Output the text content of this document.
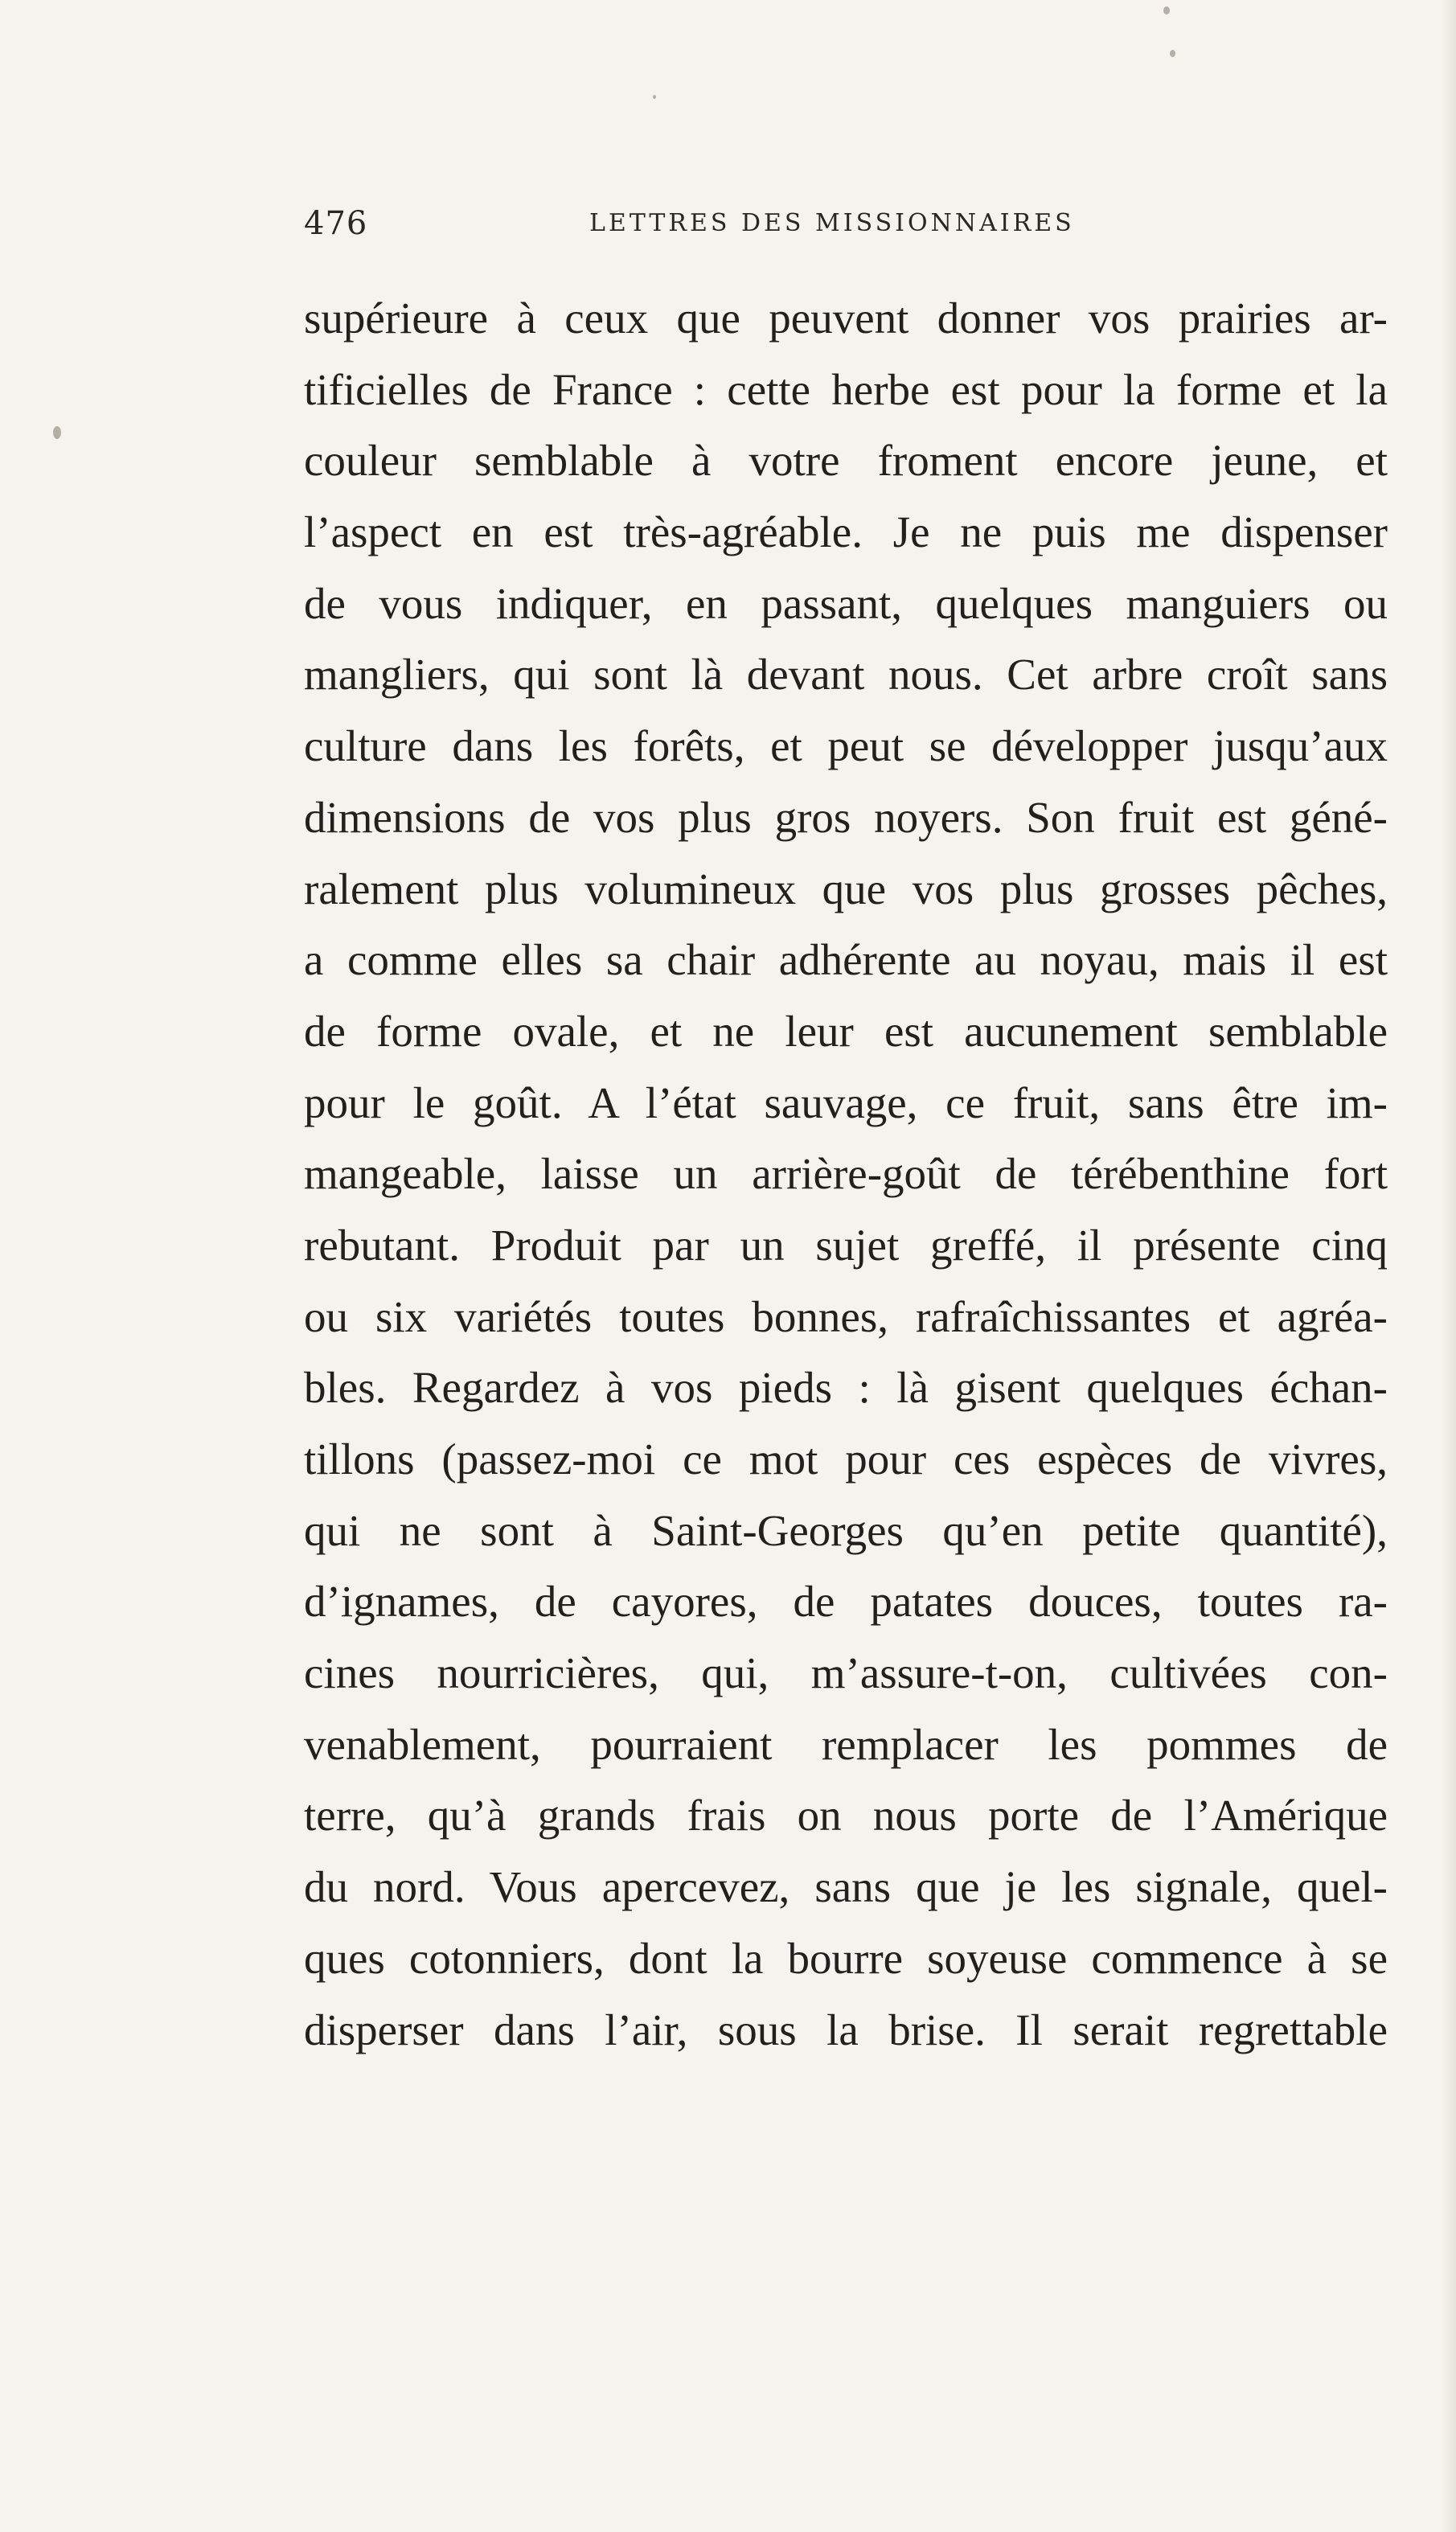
476	LETTRES DES MISSIONNAIRES
supérieure à ceux que peuvent donner vos prairies ar-
tificielles de France : cette herbe est pour la forme et la
couleur semblable à votre froment encore jeune, et
l’aspect en est très-agréable. Je ne puis me dispenser
de vous indiquer, en passant, quelques manguiers ou
mangliers, qui sont là devant nous. Cet arbre croît sans
culture dans les forêts, et peut se développer jusqu’aux
dimensions de vos plus gros noyers. Son fruit est géné-
ralement plus volumineux que vos plus grosses pêches,
a comme elles sa chair adhérente au noyau, mais il est
de forme ovale, et ne leur est aucunement semblable
pour le goût. A l’état sauvage, ce fruit, sans être im-
mangeable, laisse un arrière-goût de térébenthine fort
rebutant. Produit par un sujet greffé, il présente cinq
ou six variétés toutes bonnes, rafraîchissantes et agréa-
bles. Regardez à vos pieds : là gisent quelques échan-
tillons (passez-moi ce mot pour ces espèces de vivres,
qui ne sont à Saint-Georges qu’en petite quantité),
d’ignames, de cayores, de patates douces, toutes ra-
cines nourricières, qui, m’assure-t-on, cultivées con-
venablement, pourraient remplacer les pommes de
terre, qu’à grands frais on nous porte de l’Amérique
du nord. Vous apercevez, sans que je les signale, quel-
ques cotonniers, dont la bourre soyeuse commence à se
disperser dans l’air, sous la brise. Il serait regrettable
